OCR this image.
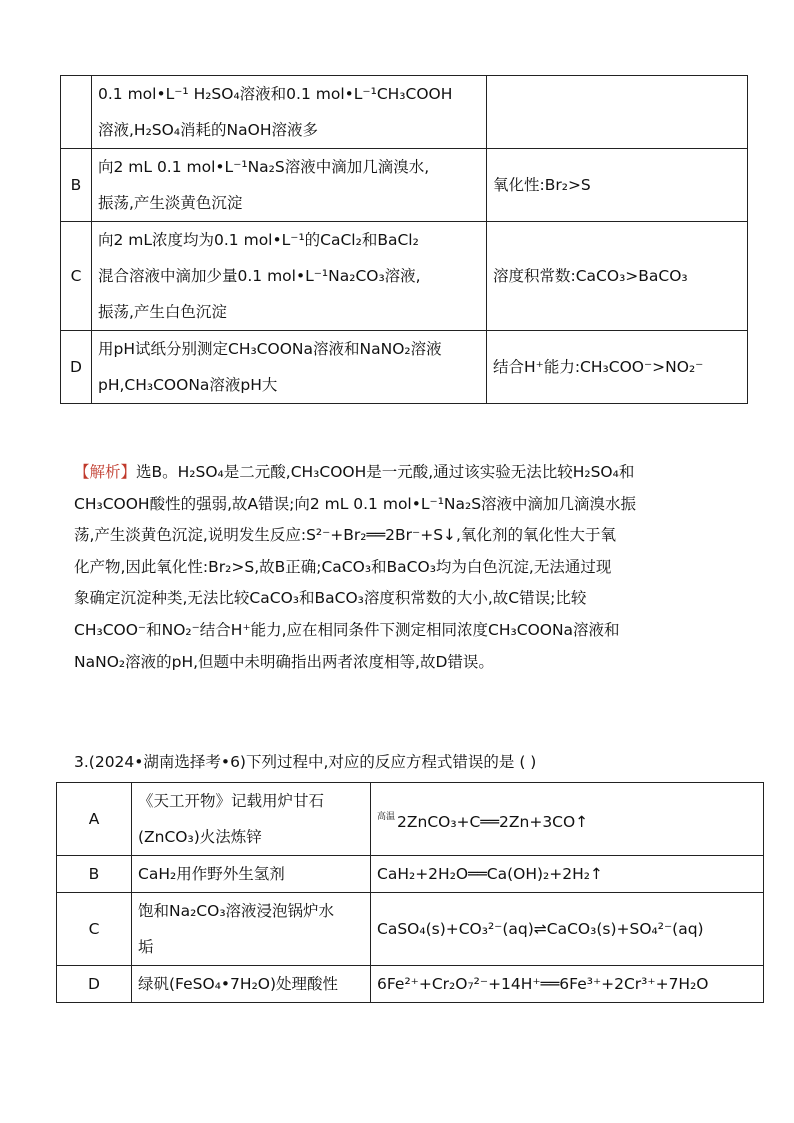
	0.1 mol•L⁻¹ H₂SO₄溶液和0.1 mol•L⁻¹CH₃COOH
溶液,H₂SO₄消耗的NaOH溶液多	

B	向2 mL 0.1 mol•L⁻¹Na₂S溶液中滴加几滴溴水,
振荡,产生淡黄色沉淀	氧化性:Br₂>S
C	向2 mL浓度均为0.1 mol•L⁻¹的CaCl₂和BaCl₂
混合溶液中滴加少量0.1 mol•L⁻¹Na₂CO₃溶液,
振荡,产生白色沉淀	溶度积常数:CaCO₃>BaCO₃
D	用pH试纸分别测定CH₃COONa溶液和NaNO₂溶液
pH,CH₃COONa溶液pH大	结合H⁺能力:CH₃COO⁻>NO₂⁻

【解析】选B。H₂SO₄是二元酸,CH₃COOH是一元酸,通过该实验无法比较H₂SO₄和

CH₃COOH酸性的强弱,故A错误;向2 mL 0.1 mol•L⁻¹Na₂S溶液中滴加几滴溴水振

荡,产生淡黄色沉淀,说明发生反应:S²⁻+Br₂══2Br⁻+S↓,氧化剂的氧化性大于氧

化产物,因此氧化性:Br₂>S,故B正确;CaCO₃和BaCO₃均为白色沉淀,无法通过现

象确定沉淀种类,无法比较CaCO₃和BaCO₃溶度积常数的大小,故C错误;比较

CH₃COO⁻和NO₂⁻结合H⁺能力,应在相同条件下测定相同浓度CH₃COONa溶液和

NaNO₂溶液的pH,但题中未明确指出两者浓度相等,故D错误。

3.(2024•湖南选择考•6)下列过程中,对应的反应方程式错误的是 ( )
A	《天工开物》记载用炉甘石
(ZnCO₃)火法炼锌	$^{高温}$ 2ZnCO₃+C══2Zn+3CO↑
B	CaH₂用作野外生氢剂	CaH₂+2H₂O══Ca(OH)₂+2H₂↑
C	饱和Na₂CO₃溶液浸泡锅炉水
垢	CaSO₄(s)+CO₃²⁻(aq)⇌CaCO₃(s)+SO₄²⁻(aq)
D	绿矾(FeSO₄•7H₂O)处理酸性	6Fe²⁺+Cr₂O₇²⁻+14H⁺══6Fe³⁺+2Cr³⁺+7H₂O
